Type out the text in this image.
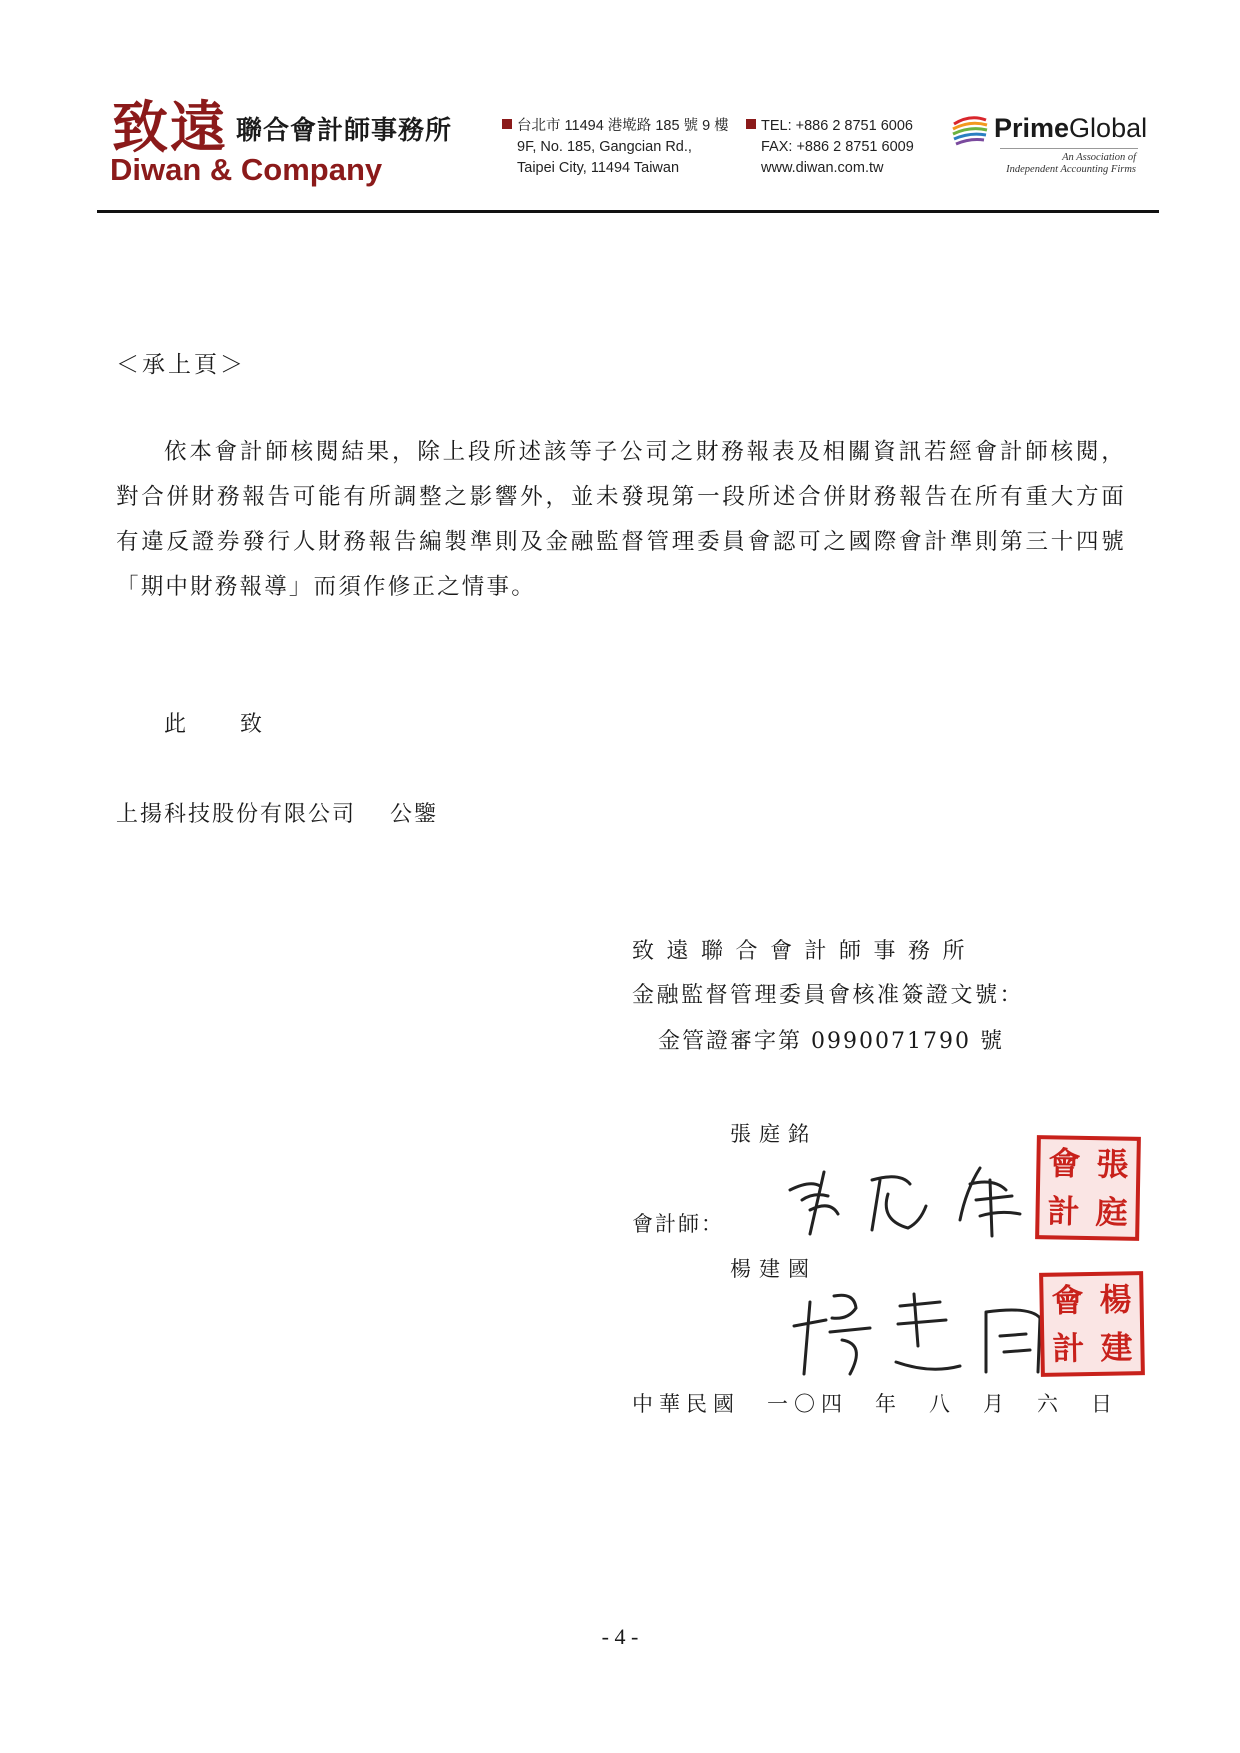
致遠 聯合會計師事務所
Diwan & Company
台北市 11494 港墘路 185 號 9 樓
9F, No. 185, Gangcian Rd.,
Taipei City, 11494 Taiwan
TEL: +886 2 8751 6006
FAX: +886 2 8751 6009
www.diwan.com.tw
PrimeGlobal
An Association of
Independent Accounting Firms
＜承上頁＞
依本會計師核閱結果，除上段所述該等子公司之財務報表及相關資訊若經會計師核閱，對合併財務報告可能有所調整之影響外，並未發現第一段所述合併財務報告在所有重大方面有違反證券發行人財務報告編製準則及金融監督管理委員會認可之國際會計準則第三十四號「期中財務報導」而須作修正之情事。
此 致
上揚科技股份有限公司 公鑒
致遠聯合會計師事務所
金融監督管理委員會核准簽證文號：
金管證審字第 0990071790 號
張庭銘
會計師：
會 張
計 庭
楊建國
會 楊
計 建
中華民國　一〇四　年　八　月　六　日
- 4 -
